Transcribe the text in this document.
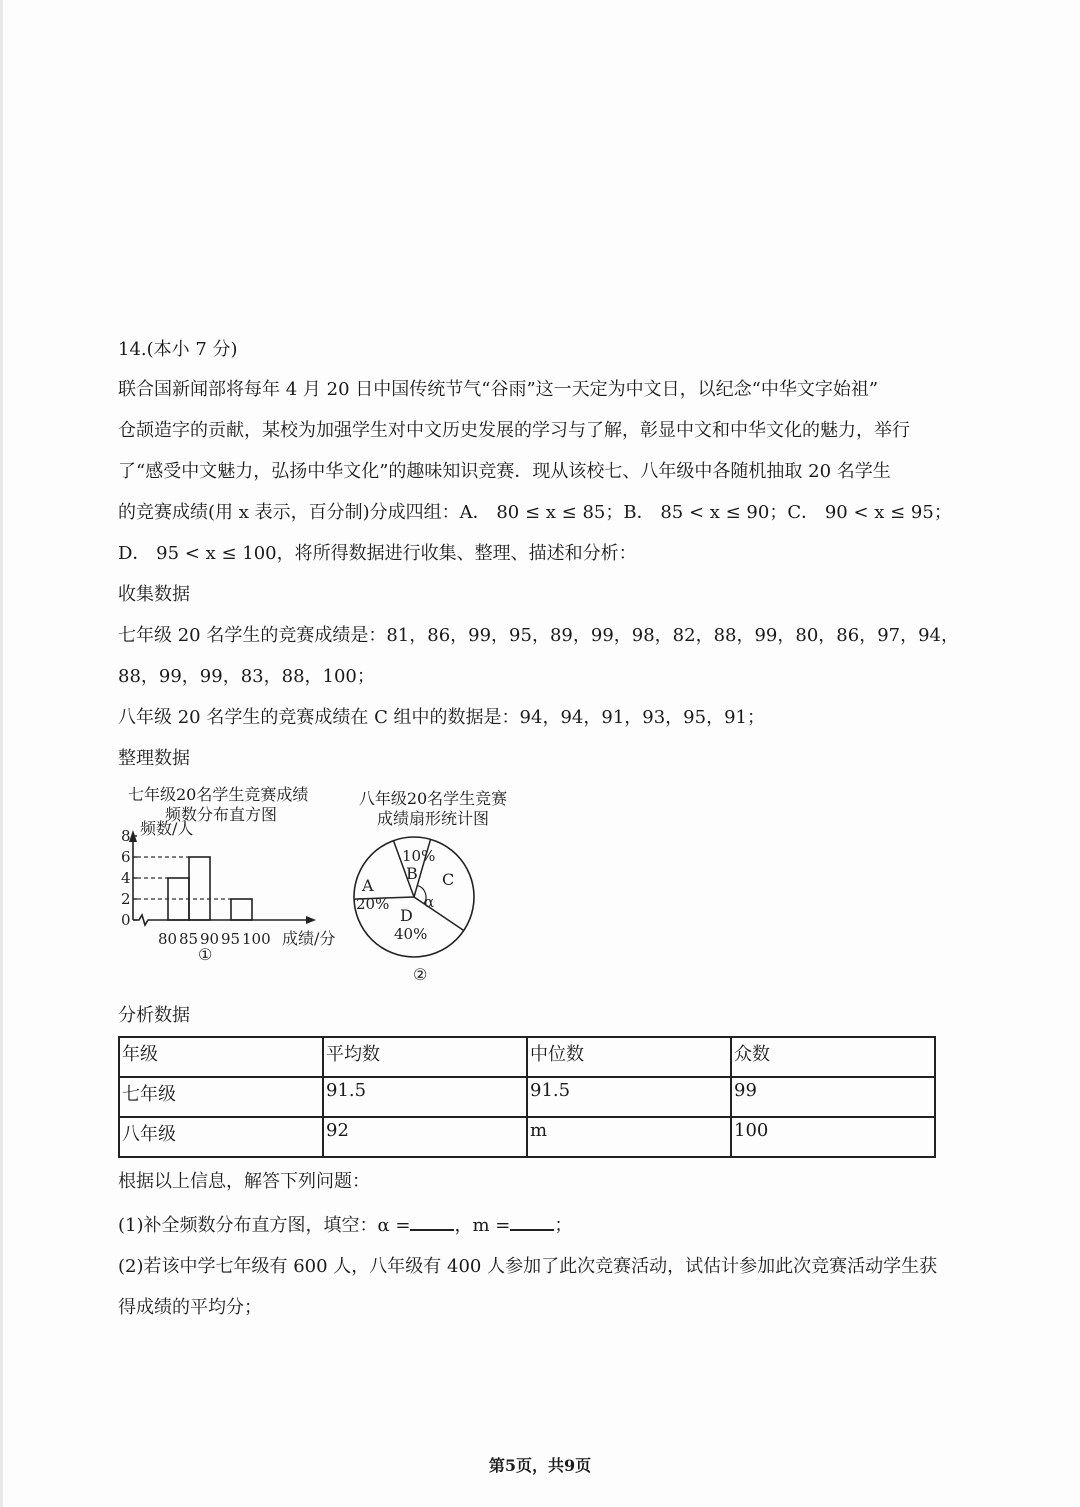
14.(本小 7 分)
联合国新闻部将每年 4 月 20 日中国传统节气“谷雨”这一天定为中文日，以纪念“中华文字始祖”
仓颉造字的贡献，某校为加强学生对中文历史发展的学习与了解，彰显中文和中华文化的魅力，举行
了“感受中文魅力，弘扬中华文化”的趣味知识竞赛．现从该校七、八年级中各随机抽取 20 名学生
的竞赛成绩(用 x 表示，百分制)分成四组：A． 80 ≤ x ≤ 85；B． 85 < x ≤ 90；C． 90 < x ≤ 95；
D． 95 < x ≤ 100，将所得数据进行收集、整理、描述和分析：
收集数据
七年级 20 名学生的竞赛成绩是：81，86，99，95，89，99，98，82，88，99，80，86，97，94，
88，99，99，83，88，100；
八年级 20 名学生的竞赛成绩在 C 组中的数据是：94，94，91，93，95，91；
整理数据
七年级20名学生竞赛成绩
频数分布直方图
频数/人
成绩/分
①
0
2
4
6
8
80 85 90 95 100
八年级20名学生竞赛
成绩扇形统计图
α
A
20%
B
10%
C
D
40%
②
分析数据
年级	平均数	中位数	众数
七年级	91.5	91.5	99
八年级	92	m	100
根据以上信息，解答下列问题：
(1)补全频数分布直方图，填空：α = ，m = ；
(2)若该中学七年级有 600 人，八年级有 400 人参加了此次竞赛活动，试估计参加此次竞赛活动学生获
得成绩的平均分；
第5页，共9页
